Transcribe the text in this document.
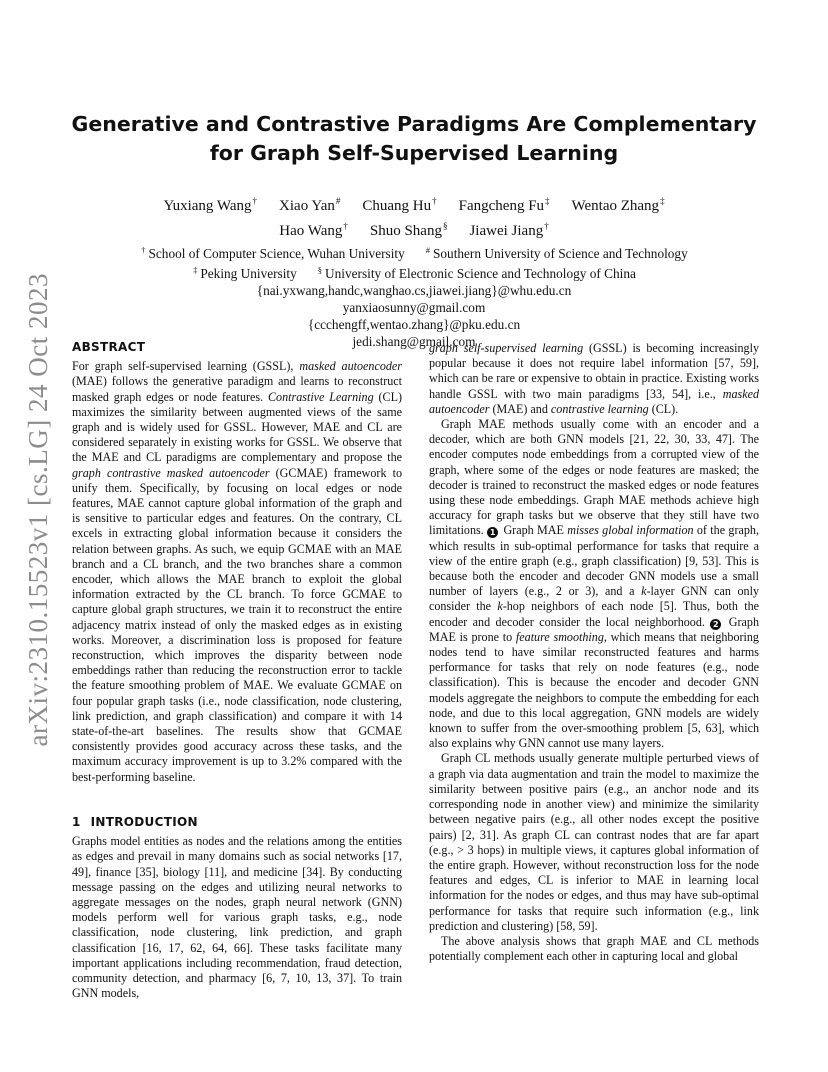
arXiv:2310.15523v1 [cs.LG] 24 Oct 2023
Generative and Contrastive Paradigms Are Complementary for Graph Self-Supervised Learning
Yuxiang Wang† Xiao Yan# Chuang Hu† Fangcheng Fu‡ Wentao Zhang‡
Hao Wang† Shuo Shang§ Jiawei Jiang†
† School of Computer Science, Wuhan University # Southern University of Science and Technology
‡ Peking University § University of Electronic Science and Technology of China
{nai.yxwang,handc,wanghao.cs,jiawei.jiang}@whu.edu.cn
yanxiaosunny@gmail.com
{ccchengff,wentao.zhang}@pku.edu.cn
jedi.shang@gmail.com
ABSTRACT

For graph self-supervised learning (GSSL), masked autoencoder (MAE) follows the generative paradigm and learns to reconstruct masked graph edges or node features. Contrastive Learning (CL) maximizes the similarity between augmented views of the same graph and is widely used for GSSL. However, MAE and CL are considered separately in existing works for GSSL. We observe that the MAE and CL paradigms are complementary and propose the graph contrastive masked autoencoder (GCMAE) framework to unify them. Specifically, by focusing on local edges or node features, MAE cannot capture global information of the graph and is sensitive to particular edges and features. On the contrary, CL excels in extracting global information because it considers the relation between graphs. As such, we equip GCMAE with an MAE branch and a CL branch, and the two branches share a common encoder, which allows the MAE branch to exploit the global information extracted by the CL branch. To force GCMAE to capture global graph structures, we train it to reconstruct the entire adjacency matrix instead of only the masked edges as in existing works. Moreover, a discrimination loss is proposed for feature reconstruction, which improves the disparity between node embeddings rather than reducing the reconstruction error to tackle the feature smoothing problem of MAE. We evaluate GCMAE on four popular graph tasks (i.e., node classification, node clustering, link prediction, and graph classification) and compare it with 14 state-of-the-art baselines. The results show that GCMAE consistently provides good accuracy across these tasks, and the maximum accuracy improvement is up to 3.2% compared with the best-performing baseline.

1 INTRODUCTION

Graphs model entities as nodes and the relations among the entities as edges and prevail in many domains such as social networks [17, 49], finance [35], biology [11], and medicine [34]. By conducting message passing on the edges and utilizing neural networks to aggregate messages on the nodes, graph neural network (GNN) models perform well for various graph tasks, e.g., node classification, node clustering, link prediction, and graph classification [16, 17, 62, 64, 66]. These tasks facilitate many important applications including recommendation, fraud detection, community detection, and pharmacy [6, 7, 10, 13, 37]. To train GNN models,

graph self-supervised learning (GSSL) is becoming increasingly popular because it does not require label information [57, 59], which can be rare or expensive to obtain in practice. Existing works handle GSSL with two main paradigms [33, 54], i.e., masked autoencoder (MAE) and contrastive learning (CL).

Graph MAE methods usually come with an encoder and a decoder, which are both GNN models [21, 22, 30, 33, 47]. The encoder computes node embeddings from a corrupted view of the graph, where some of the edges or node features are masked; the decoder is trained to reconstruct the masked edges or node features using these node embeddings. Graph MAE methods achieve high accuracy for graph tasks but we observe that they still have two limitations. 1 Graph MAE misses global information of the graph, which results in sub-optimal performance for tasks that require a view of the entire graph (e.g., graph classification) [9, 53]. This is because both the encoder and decoder GNN models use a small number of layers (e.g., 2 or 3), and a k-layer GNN can only consider the k-hop neighbors of each node [5]. Thus, both the encoder and decoder consider the local neighborhood. 2 Graph MAE is prone to feature smoothing, which means that neighboring nodes tend to have similar reconstructed features and harms performance for tasks that rely on node features (e.g., node classification). This is because the encoder and decoder GNN models aggregate the neighbors to compute the embedding for each node, and due to this local aggregation, GNN models are widely known to suffer from the over-smoothing problem [5, 63], which also explains why GNN cannot use many layers.

Graph CL methods usually generate multiple perturbed views of a graph via data augmentation and train the model to maximize the similarity between positive pairs (e.g., an anchor node and its corresponding node in another view) and minimize the similarity between negative pairs (e.g., all other nodes except the positive pairs) [2, 31]. As graph CL can contrast nodes that are far apart (e.g., > 3 hops) in multiple views, it captures global information of the entire graph. However, without reconstruction loss for the node features and edges, CL is inferior to MAE in learning local information for the nodes or edges, and thus may have sub-optimal performance for tasks that require such information (e.g., link prediction and clustering) [58, 59].

The above analysis shows that graph MAE and CL methods potentially complement each other in capturing local and global
